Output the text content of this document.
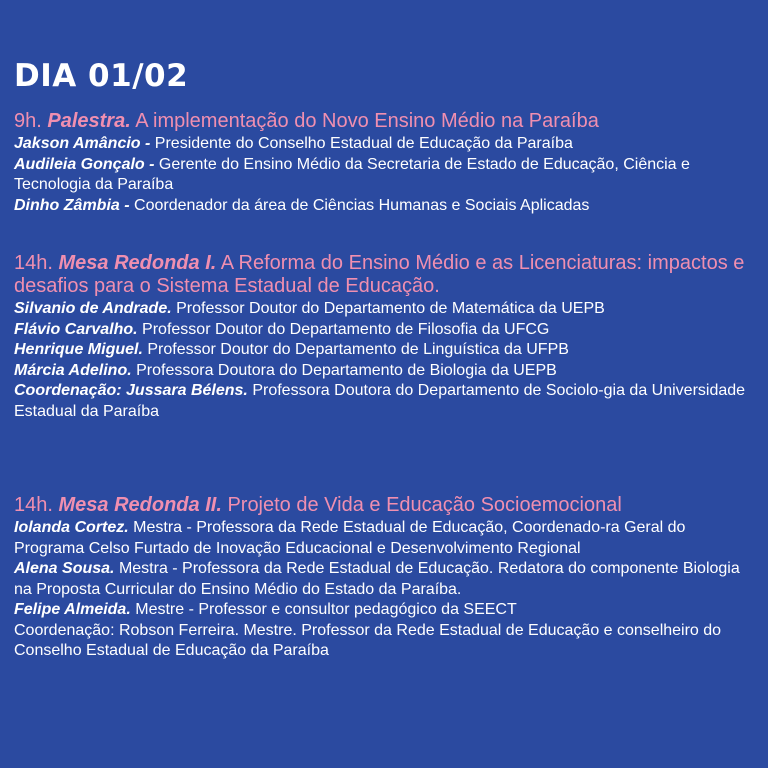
DIA 01/02
9h. Palestra. A implementação do Novo Ensino Médio na Paraíba
Jakson Amâncio - Presidente do Conselho Estadual de Educação da Paraíba
Audileia Gonçalo - Gerente do Ensino Médio da Secretaria de Estado de Educação, Ciência e Tecnologia da Paraíba
Dinho Zâmbia - Coordenador da área de Ciências Humanas e Sociais Aplicadas
14h. Mesa Redonda I. A Reforma do Ensino Médio e as Licenciaturas: impactos e desafios para o Sistema Estadual de Educação.
Silvanio de Andrade. Professor Doutor do Departamento de Matemática da UEPB
Flávio Carvalho. Professor Doutor do Departamento de Filosofia da UFCG
Henrique Miguel. Professor Doutor do Departamento de Linguística da UFPB
Márcia Adelino. Professora Doutora do Departamento de Biologia da UEPB
Coordenação: Jussara Bélens. Professora Doutora do Departamento de Sociolo-gia da Universidade Estadual da Paraíba
14h. Mesa Redonda II. Projeto de Vida e Educação Socioemocional
Iolanda Cortez. Mestra - Professora da Rede Estadual de Educação, Coordenado-ra Geral do Programa Celso Furtado de Inovação Educacional e Desenvolvimento Regional
Alena Sousa. Mestra - Professora da Rede Estadual de Educação. Redatora do componente Biologia na Proposta Curricular do Ensino Médio do Estado da Paraíba.
Felipe Almeida. Mestre - Professor e consultor pedagógico da SEECT
Coordenação: Robson Ferreira. Mestre. Professor da Rede Estadual de Educação e conselheiro do Conselho Estadual de Educação da Paraíba
